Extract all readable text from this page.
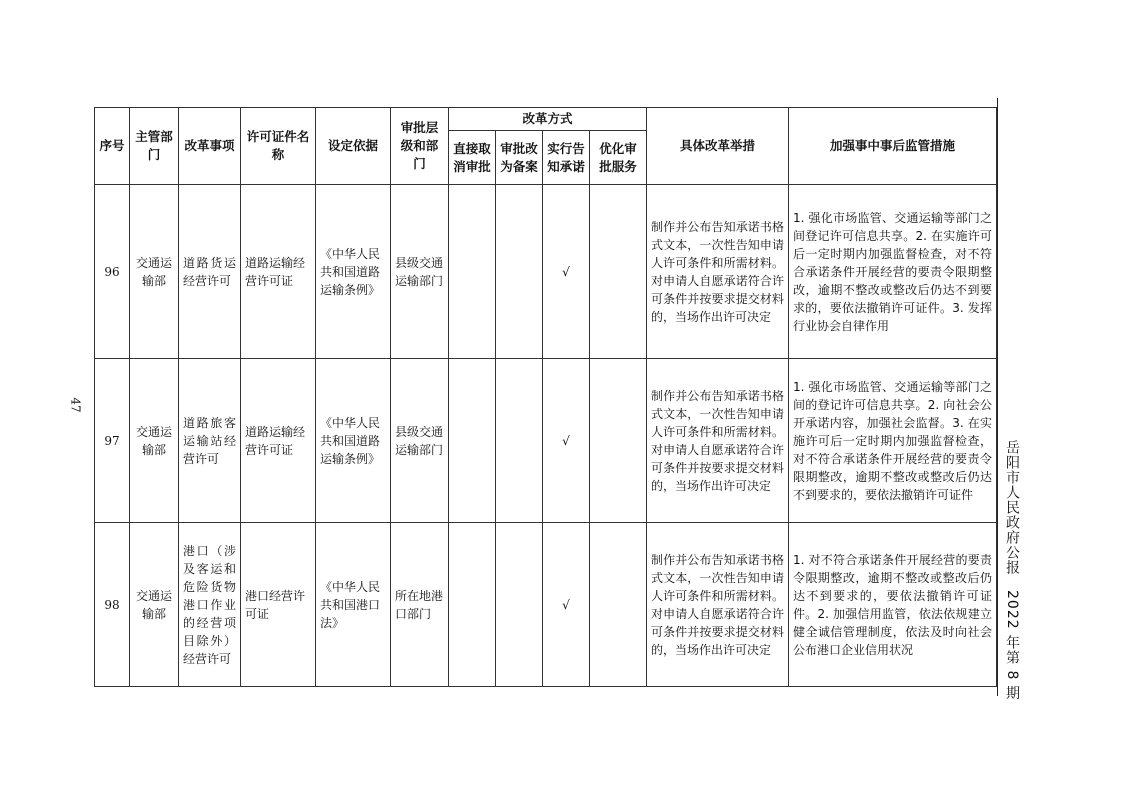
47
岳阳市人民政府公报　2022 年第 8 期
序号	主管部门	改革事项	许可证件名称	设定依据	审批层级和部门	改革方式				具体改革举措	加强事中事后监管措施
						直接取消审批	审批改为备案	实行告知承诺	优化审批服务		
96	交通运输部	道路货运经营许可	道路运输经营许可证	《中华人民共和国道路运输条例》	县级交通运输部门			√		制作并公布告知承诺书格式文本，一次性告知申请人许可条件和所需材料。对申请人自愿承诺符合许可条件并按要求提交材料的，当场作出许可决定	1. 强化市场监管、交通运输等部门之间登记许可信息共享。2. 在实施许可后一定时期内加强监督检查，对不符合承诺条件开展经营的要责令限期整改，逾期不整改或整改后仍达不到要求的，要依法撤销许可证件。3. 发挥行业协会自律作用
97	交通运输部	道路旅客运输站经营许可	道路运输经营许可证	《中华人民共和国道路运输条例》	县级交通运输部门			√		制作并公布告知承诺书格式文本，一次性告知申请人许可条件和所需材料。对申请人自愿承诺符合许可条件并按要求提交材料的，当场作出许可决定	1. 强化市场监管、交通运输等部门之间的登记许可信息共享。2. 向社会公开承诺内容，加强社会监督。3. 在实施许可后一定时期内加强监督检查，对不符合承诺条件开展经营的要责令限期整改，逾期不整改或整改后仍达不到要求的，要依法撤销许可证件
98	交通运输部	港口（涉及客运和危险货物港口作业的经营项目除外）经营许可	港口经营许可证	《中华人民共和国港口法》	所在地港口部门			√		制作并公布告知承诺书格式文本，一次性告知申请人许可条件和所需材料。对申请人自愿承诺符合许可条件并按要求提交材料的，当场作出许可决定	1. 对不符合承诺条件开展经营的要责令限期整改，逾期不整改或整改后仍达不到要求的，要依法撤销许可证件。2. 加强信用监管，依法依规建立健全诚信管理制度，依法及时向社会公布港口企业信用状况
